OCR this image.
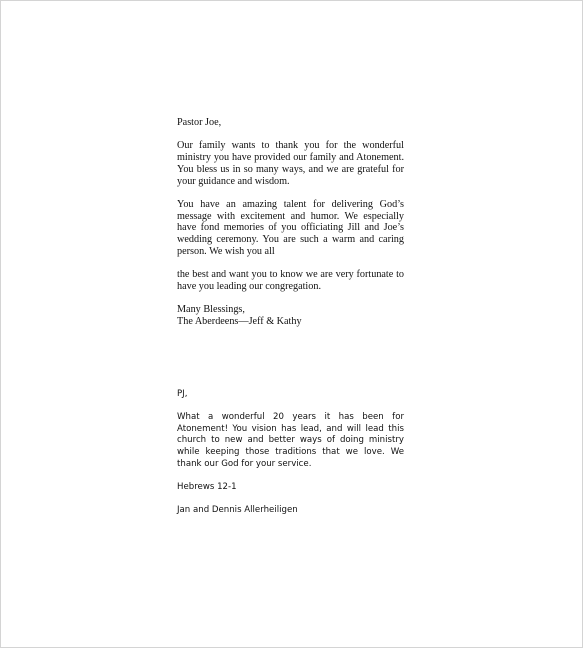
Pastor Joe,

Our family wants to thank you for the wonderful ministry you have provided our family and Atonement. You bless us in so many ways, and we are grateful for your guidance and wisdom.

You have an amazing talent for delivering God’s message with excitement and humor. We especially have fond memories of you officiating Jill and Joe’s wedding ceremony. You are such a warm and caring person. We wish you all

the best and want you to know we are very fortunate to have you leading our congregation.

Many Blessings,

The Aberdeens—Jeff & Kathy

PJ,

What a wonderful 20 years it has been for Atonement! You vision has lead, and will lead this church to new and better ways of doing ministry while keeping those traditions that we love. We thank our God for your service.

Hebrews 12-1

Jan and Dennis Allerheiligen
